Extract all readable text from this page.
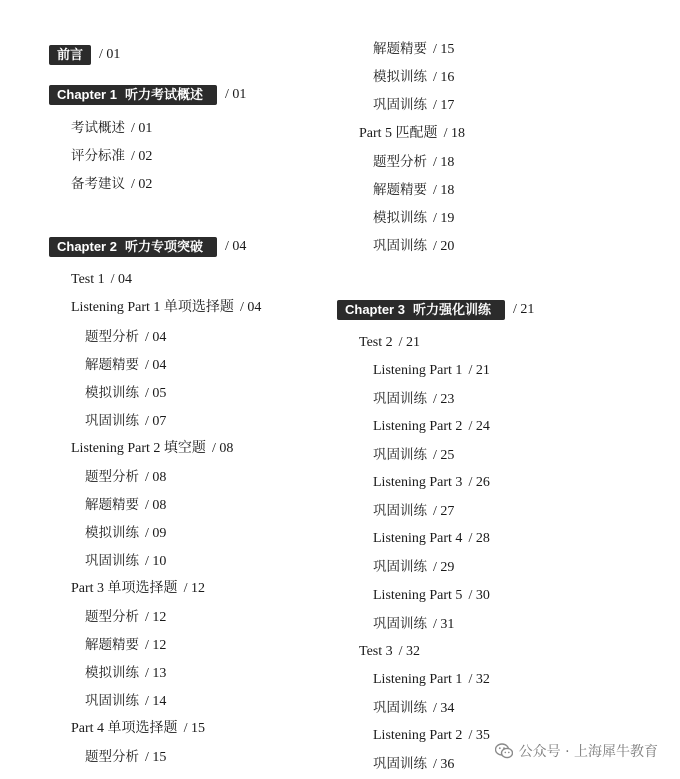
前言	/ 01
Chapter 1 听力考试概述	/ 01
考试概述 / 01
评分标准 / 02
备考建议 / 02
Chapter 2 听力专项突破	/ 04
Test 1 / 04
Listening Part 1 单项选择题 / 04
题型分析 / 04
解题精要 / 04
模拟训练 / 05
巩固训练 / 07
Listening Part 2 填空题 / 08
题型分析 / 08
解题精要 / 08
模拟训练 / 09
巩固训练 / 10
Part 3 单项选择题 / 12
题型分析 / 12
解题精要 / 12
模拟训练 / 13
巩固训练 / 14
Part 4 单项选择题 / 15
题型分析 / 15
解题精要 / 15
模拟训练 / 16
巩固训练 / 17
Part 5 匹配题 / 18
题型分析 / 18
解题精要 / 18
模拟训练 / 19
巩固训练 / 20
Chapter 3 听力强化训练	/ 21
Test 2 / 21
Listening Part 1 / 21
巩固训练 / 23
Listening Part 2 / 24
巩固训练 / 25
Listening Part 3 / 26
巩固训练 / 27
Listening Part 4 / 28
巩固训练 / 29
Listening Part 5 / 30
巩固训练 / 31
Test 3 / 32
Listening Part 1 / 32
巩固训练 / 34
Listening Part 2 / 35
巩固训练 / 36
公众号 · 上海犀牛教育
